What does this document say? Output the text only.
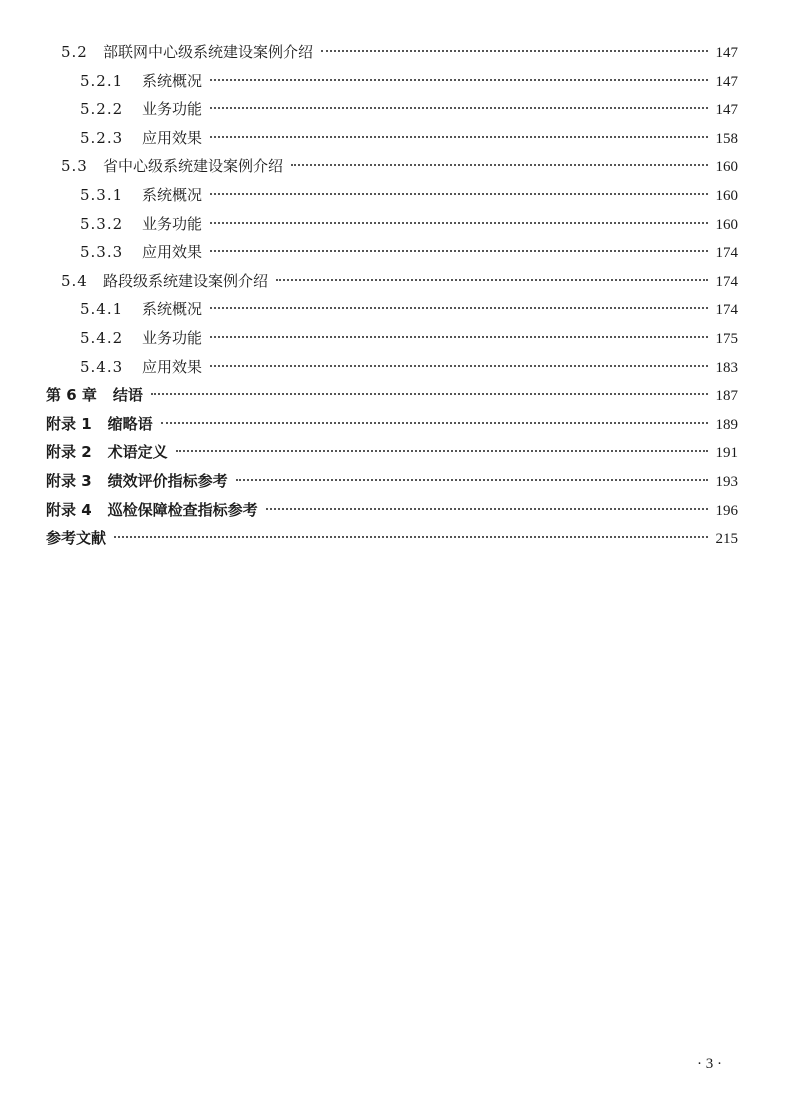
5.2	部联网中心级系统建设案例介绍	147
5.2.1	系统概况	147
5.2.2	业务功能	147
5.2.3	应用效果	158
5.3	省中心级系统建设案例介绍	160
5.3.1	系统概况	160
5.3.2	业务功能	160
5.3.3	应用效果	174
5.4	路段级系统建设案例介绍	174
5.4.1	系统概况	174
5.4.2	业务功能	175
5.4.3	应用效果	183
第 6 章 结语	187
附录 1 缩略语	189
附录 2 术语定义	191
附录 3 绩效评价指标参考	193
附录 4 巡检保障检查指标参考	196
参考文献	215
· 3 ·
